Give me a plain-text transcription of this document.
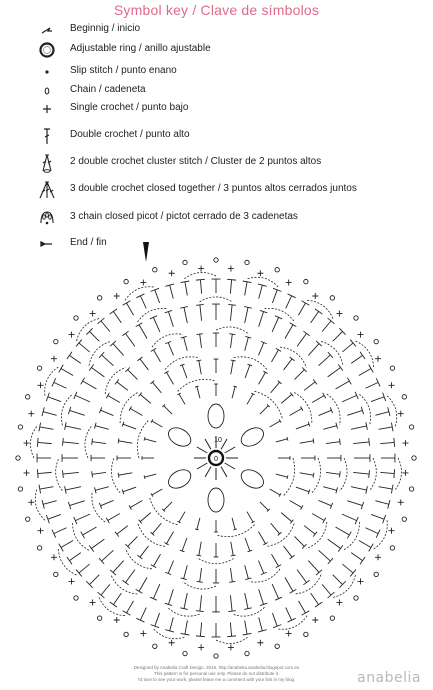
Symbol key / Clave de símbolos
Beginnig / inicio
Adjustable ring / anillo ajustable
Slip stitch / punto enano
Chain / cadeneta
Single crochet / punto bajo
Double crochet / punto alto
2 double crochet cluster stitch / Cluster de 2 puntos altos
3 double crochet closed together / 3 puntos altos cerrados juntos
3 chain closed picot / pictot cerrado de 3 cadenetas
End / fin
0
10
Designed by Anabelia Craft Design, 2015, http://anabelia.anabelia.blogspot.com.es
This pattern is for personal use only. Please do not distribute it.
I'd love to see your work, please leave me a comment with your link in my blog.	anabelia
